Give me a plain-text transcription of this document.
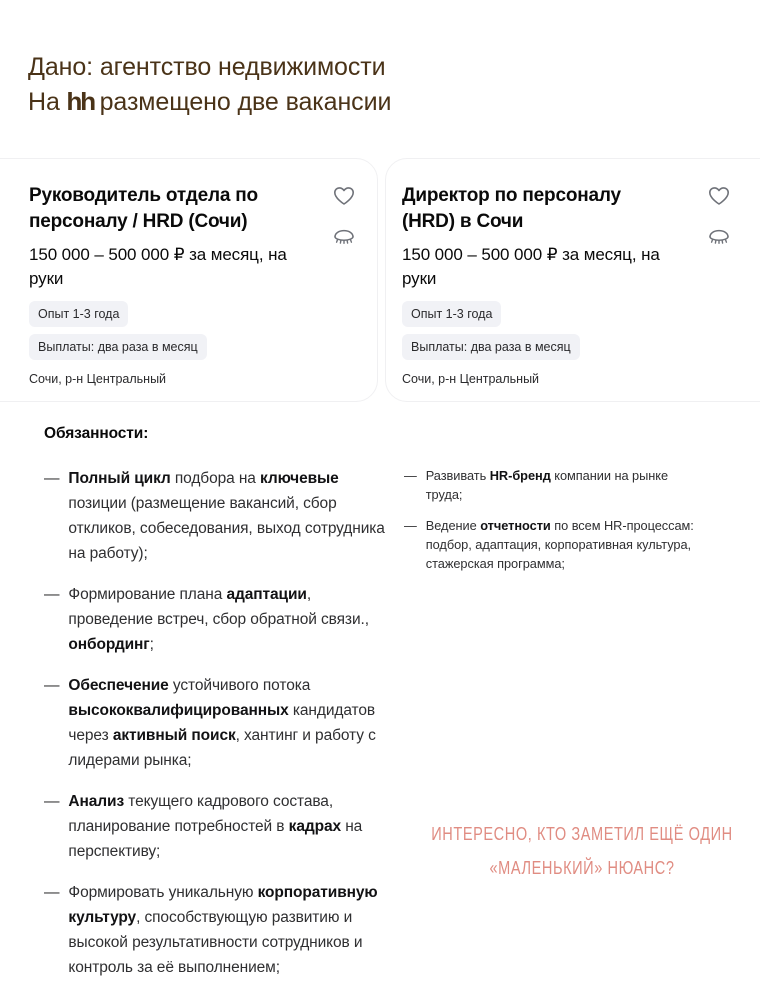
Дано: агентство недвижимости
На hh размещено две вакансии
Руководитель отдела по персоналу / HRD (Сочи)
150 000 – 500 000 ₽ за месяц, на руки
Опыт 1-3 года
Выплаты: два раза в месяц
Сочи, р-н Центральный
Директор по персоналу (HRD) в Сочи
150 000 – 500 000 ₽ за месяц, на руки
Опыт 1-3 года
Выплаты: два раза в месяц
Сочи, р-н Центральный
Обязанности:
— Полный цикл подбора на ключевые позиции (размещение вакансий, сбор откликов, собеседования, выход сотрудника на работу);
— Формирование плана адаптации, проведение встреч, сбор обратной связи., онбординг;
— Обеспечение устойчивого потока высококвалифицированных кандидатов через активный поиск, хантинг и работу с лидерами рынка;
— Анализ текущего кадрового состава, планирование потребностей в кадрах на перспективу;
— Формировать уникальную корпоративную культуру, способствующую развитию и высокой результативности сотрудников и контроль за её выполнением;
— Развивать HR-бренд компании на рынке труда;
— Ведение отчетности по всем HR-процессам: подбор, адаптация, корпоративная культура, стажерская программа;
ИНТЕРЕСНО, КТО ЗАМЕТИЛ ЕЩЁ ОДИН
«МАЛЕНЬКИЙ» НЮАНС?
